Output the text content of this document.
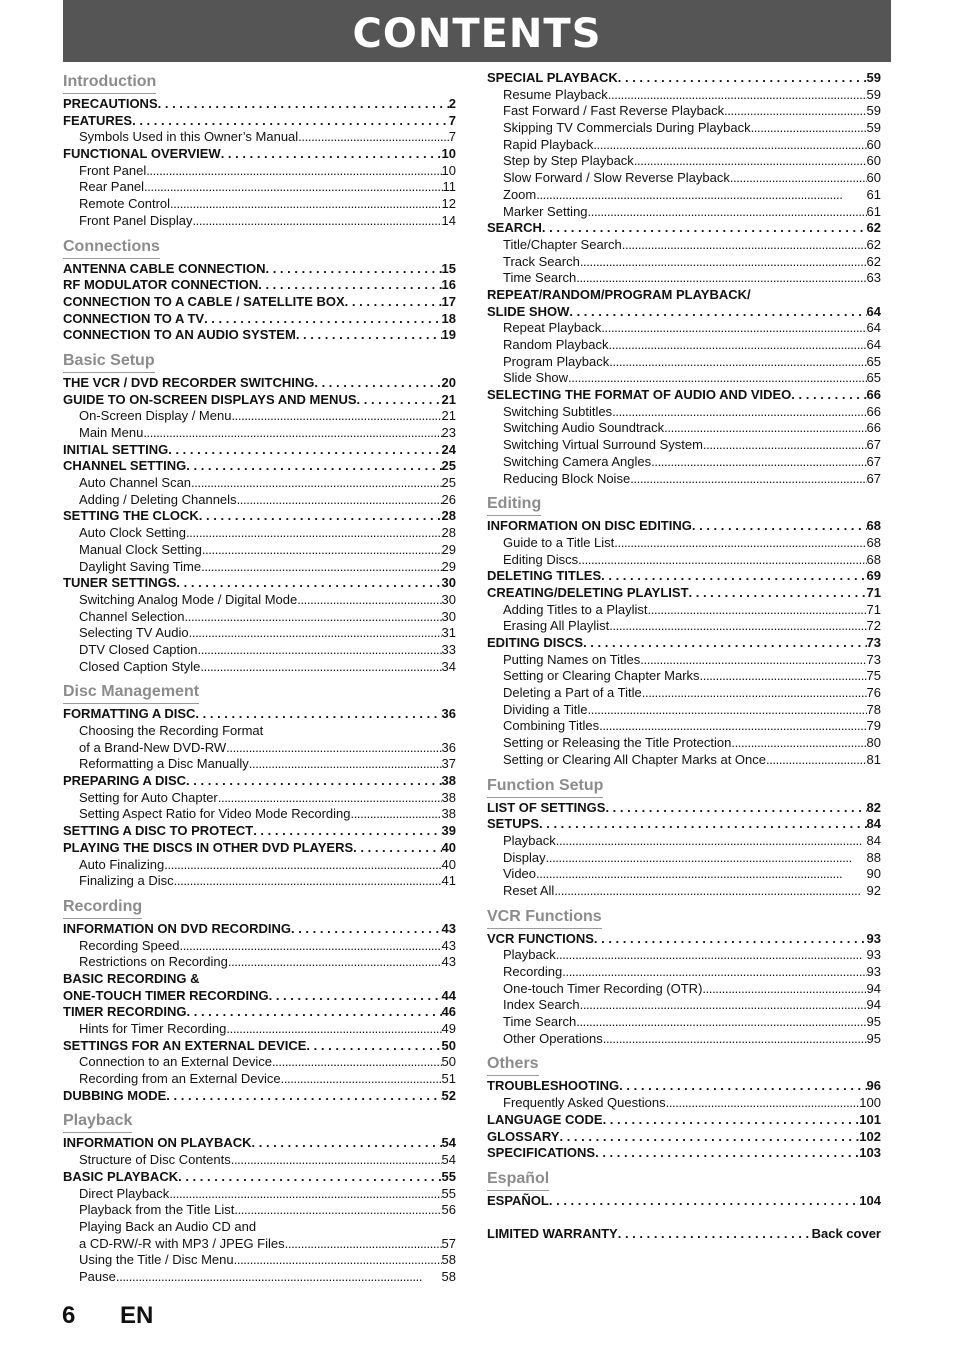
CONTENTS
Introduction
PRECAUTIONS . . .	2
FEATURES . . .	7
Symbols Used in this Owner’s Manual . . .	7
FUNCTIONAL OVERVIEW . . .	10
Front Panel . . .	10
Rear Panel . . .	11
Remote Control . . .	12
Front Panel Display . . .	14
Connections
ANTENNA CABLE CONNECTION . . .	15
RF MODULATOR CONNECTION . . .	16
CONNECTION TO A CABLE / SATELLITE BOX . . .	17
CONNECTION TO A TV . . .	18
CONNECTION TO AN AUDIO SYSTEM . . .	19
Basic Setup
THE VCR / DVD RECORDER SWITCHING . . .	20
GUIDE TO ON-SCREEN DISPLAYS AND MENUS . . .	21
On-Screen Display / Menu . . .	21
Main Menu . . .	23
INITIAL SETTING . . .	24
CHANNEL SETTING . . .	25
Auto Channel Scan . . .	25
Adding / Deleting Channels . . .	26
SETTING THE CLOCK . . .	28
Auto Clock Setting . . .	28
Manual Clock Setting . . .	29
Daylight Saving Time . . .	29
TUNER SETTINGS . . .	30
Switching Analog Mode / Digital Mode . . .	30
Channel Selection . . .	30
Selecting TV Audio . . .	31
DTV Closed Caption . . .	33
Closed Caption Style . . .	34
Disc Management
FORMATTING A DISC . . .	36
Choosing the Recording Format
of a Brand-New DVD-RW . . .	36
Reformatting a Disc Manually . . .	37
PREPARING A DISC . . .	38
Setting for Auto Chapter . . .	38
Setting Aspect Ratio for Video Mode Recording . . .	38
SETTING A DISC TO PROTECT . . .	39
PLAYING THE DISCS IN OTHER DVD PLAYERS . . .	40
Auto Finalizing . . .	40
Finalizing a Disc . . .	41
Recording
INFORMATION ON DVD RECORDING . . .	43
Recording Speed . . .	43
Restrictions on Recording . . .	43
BASIC RECORDING &
ONE-TOUCH TIMER RECORDING . . .	44
TIMER RECORDING . . .	46
Hints for Timer Recording . . .	49
SETTINGS FOR AN EXTERNAL DEVICE . . .	50
Connection to an External Device . . .	50
Recording from an External Device . . .	51
DUBBING MODE . . .	52
Playback
INFORMATION ON PLAYBACK . . .	54
Structure of Disc Contents . . .	54
BASIC PLAYBACK . . .	55
Direct Playback . . .	55
Playback from the Title List . . .	56
Playing Back an Audio CD and
a CD-RW/-R with MP3 / JPEG Files . . .	57
Using the Title / Disc Menu . . .	58
Pause . . .	58
SPECIAL PLAYBACK . . .	59
Resume Playback . . .	59
Fast Forward / Fast Reverse Playback . . .	59
Skipping TV Commercials During Playback . . .	59
Rapid Playback . . .	60
Step by Step Playback . . .	60
Slow Forward / Slow Reverse Playback . . .	60
Zoom . . .	61
Marker Setting . . .	61
SEARCH . . .	62
Title/Chapter Search . . .	62
Track Search . . .	62
Time Search . . .	63
REPEAT/RANDOM/PROGRAM PLAYBACK/
SLIDE SHOW . . .	64
Repeat Playback . . .	64
Random Playback . . .	64
Program Playback . . .	65
Slide Show . . .	65
SELECTING THE FORMAT OF AUDIO AND VIDEO . . .	66
Switching Subtitles . . .	66
Switching Audio Soundtrack . . .	66
Switching Virtual Surround System . . .	67
Switching Camera Angles . . .	67
Reducing Block Noise . . .	67
Editing
INFORMATION ON DISC EDITING . . .	68
Guide to a Title List . . .	68
Editing Discs . . .	68
DELETING TITLES . . .	69
CREATING/DELETING PLAYLIST . . .	71
Adding Titles to a Playlist . . .	71
Erasing All Playlist . . .	72
EDITING DISCS . . .	73
Putting Names on Titles . . .	73
Setting or Clearing Chapter Marks . . .	75
Deleting a Part of a Title . . .	76
Dividing a Title . . .	78
Combining Titles . . .	79
Setting or Releasing the Title Protection . . .	80
Setting or Clearing All Chapter Marks at Once . . .	81
Function Setup
LIST OF SETTINGS . . .	82
SETUPS . . .	84
Playback . . .	84
Display . . .	88
Video . . .	90
Reset All . . .	92
VCR Functions
VCR FUNCTIONS . . .	93
Playback . . .	93
Recording . . .	93
One-touch Timer Recording (OTR) . . .	94
Index Search . . .	94
Time Search . . .	95
Other Operations . . .	95
Others
TROUBLESHOOTING . . .	96
Frequently Asked Questions . . .	100
LANGUAGE CODE . . .	101
GLOSSARY . . .	102
SPECIFICATIONS . . .	103
Español
ESPAÑOL . . .	104
LIMITED WARRANTY . . .	Back cover
6 EN
